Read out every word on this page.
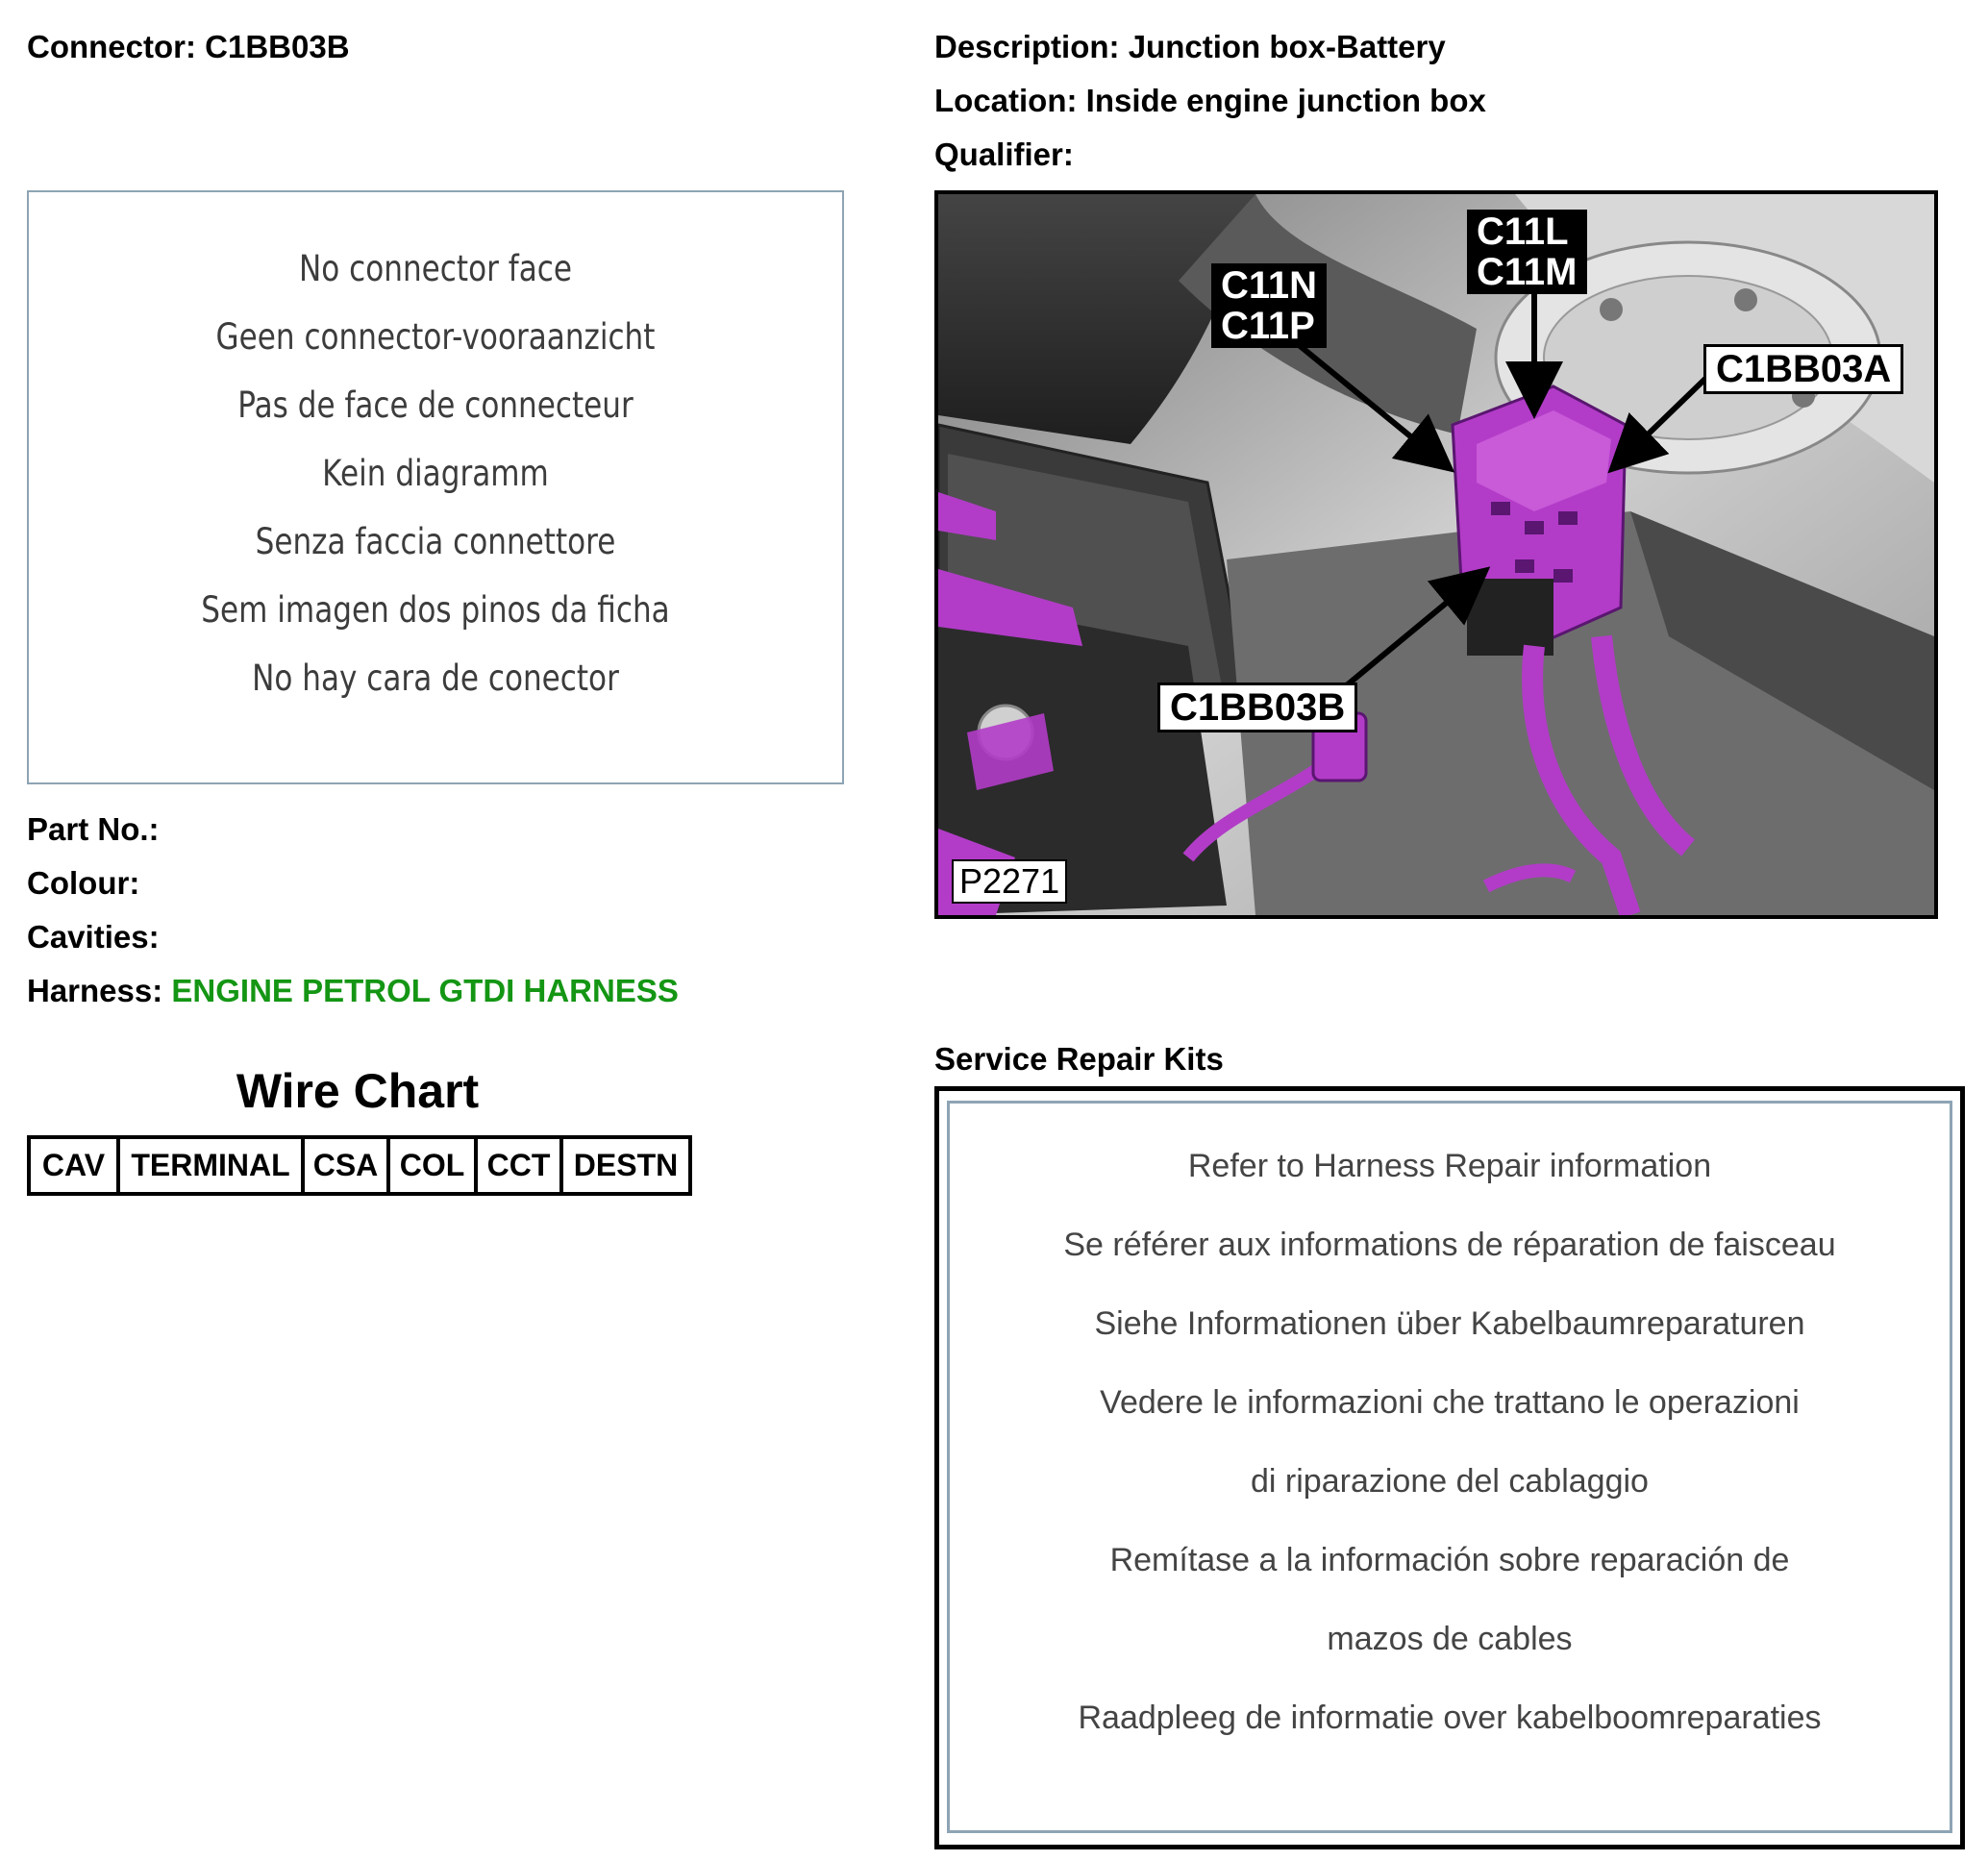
Connector: C1BB03B	Description: Junction box-Battery
Location: Inside engine junction box
Qualifier:
No connector face
Geen connector-vooraanzicht
Pas de face de connecteur
Kein diagramm
Senza faccia connettore
Sem imagen dos pinos da ficha
No hay cara de conector
Part No.:
Colour:
Cavities:
Harness: ENGINE PETROL GTDI HARNESS
Wire Chart
CAV TERMINAL CSA COL CCT DESTN
C11N
C11P
C11L
C11M
C1BB03A
C1BB03B
P2271
Service Repair Kits
Refer to Harness Repair information
Se référer aux informations de réparation de faisceau
Siehe Informationen über Kabelbaumreparaturen
Vedere le informazioni che trattano le operazioni
di riparazione del cablaggio
Remítase a la información sobre reparación de
mazos de cables
Raadpleeg de informatie over kabelboomreparaties
